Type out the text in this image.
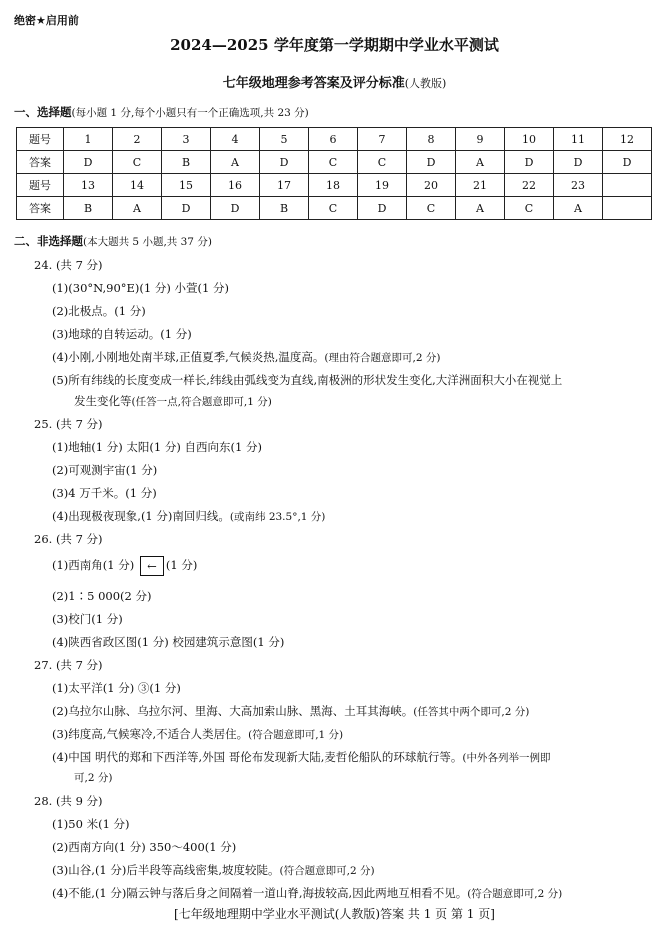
绝密★启用前
2024—2025 学年度第一学期期中学业水平测试
七年级地理参考答案及评分标准(人教版)
一、选择题(每小题 1 分,每个小题只有一个正确选项,共 23 分)
题号	1	2	3	4	5	6	7	8	9	10	11	12
答案	D	C	B	A	D	C	C	D	A	D	D	D
题号	13	14	15	16	17	18	19	20	21	22	23	
答案	B	A	D	D	B	C	D	C	A	C	A	
二、非选择题(本大题共 5 小题,共 37 分)
24. (共 7 分)
(1)(30°N,90°E)(1 分) 小萱(1 分)
(2)北极点。(1 分)
(3)地球的自转运动。(1 分)
(4)小刚,小刚地处南半球,正值夏季,气候炎热,温度高。(理由符合题意即可,2 分)
(5)所有纬线的长度变成一样长,纬线由弧线变为直线,南极洲的形状发生变化,大洋洲面积大小在视觉上
发生变化等(任答一点,符合题意即可,1 分)
25. (共 7 分)
(1)地轴(1 分) 太阳(1 分) 自西向东(1 分)
(2)可观测宇宙(1 分)
(3)4 万千米。(1 分)
(4)出现极夜现象,(1 分)南回归线。(或南纬 23.5°,1 分)
26. (共 7 分)
(1)西南角(1 分) ← (1 分)
(2)1∶5 000(2 分)
(3)校门(1 分)
(4)陕西省政区图(1 分) 校园建筑示意图(1 分)
27. (共 7 分)
(1)太平洋(1 分) ③(1 分)
(2)乌拉尔山脉、乌拉尔河、里海、大高加索山脉、黑海、土耳其海峡。(任答其中两个即可,2 分)
(3)纬度高,气候寒冷,不适合人类居住。(符合题意即可,1 分)
(4)中国 明代的郑和下西洋等,外国 哥伦布发现新大陆,麦哲伦船队的环球航行等。(中外各列举一例即
可,2 分)
28. (共 9 分)
(1)50 米(1 分)
(2)西南方向(1 分) 350～400(1 分)
(3)山谷,(1 分)后半段等高线密集,坡度较陡。(符合题意即可,2 分)
(4)不能,(1 分)隔云钟与落后身之间隔着一道山脊,海拔较高,因此两地互相看不见。(符合题意即可,2 分)
[七年级地理期中学业水平测试(人教版)答案 共 1 页 第 1 页]
